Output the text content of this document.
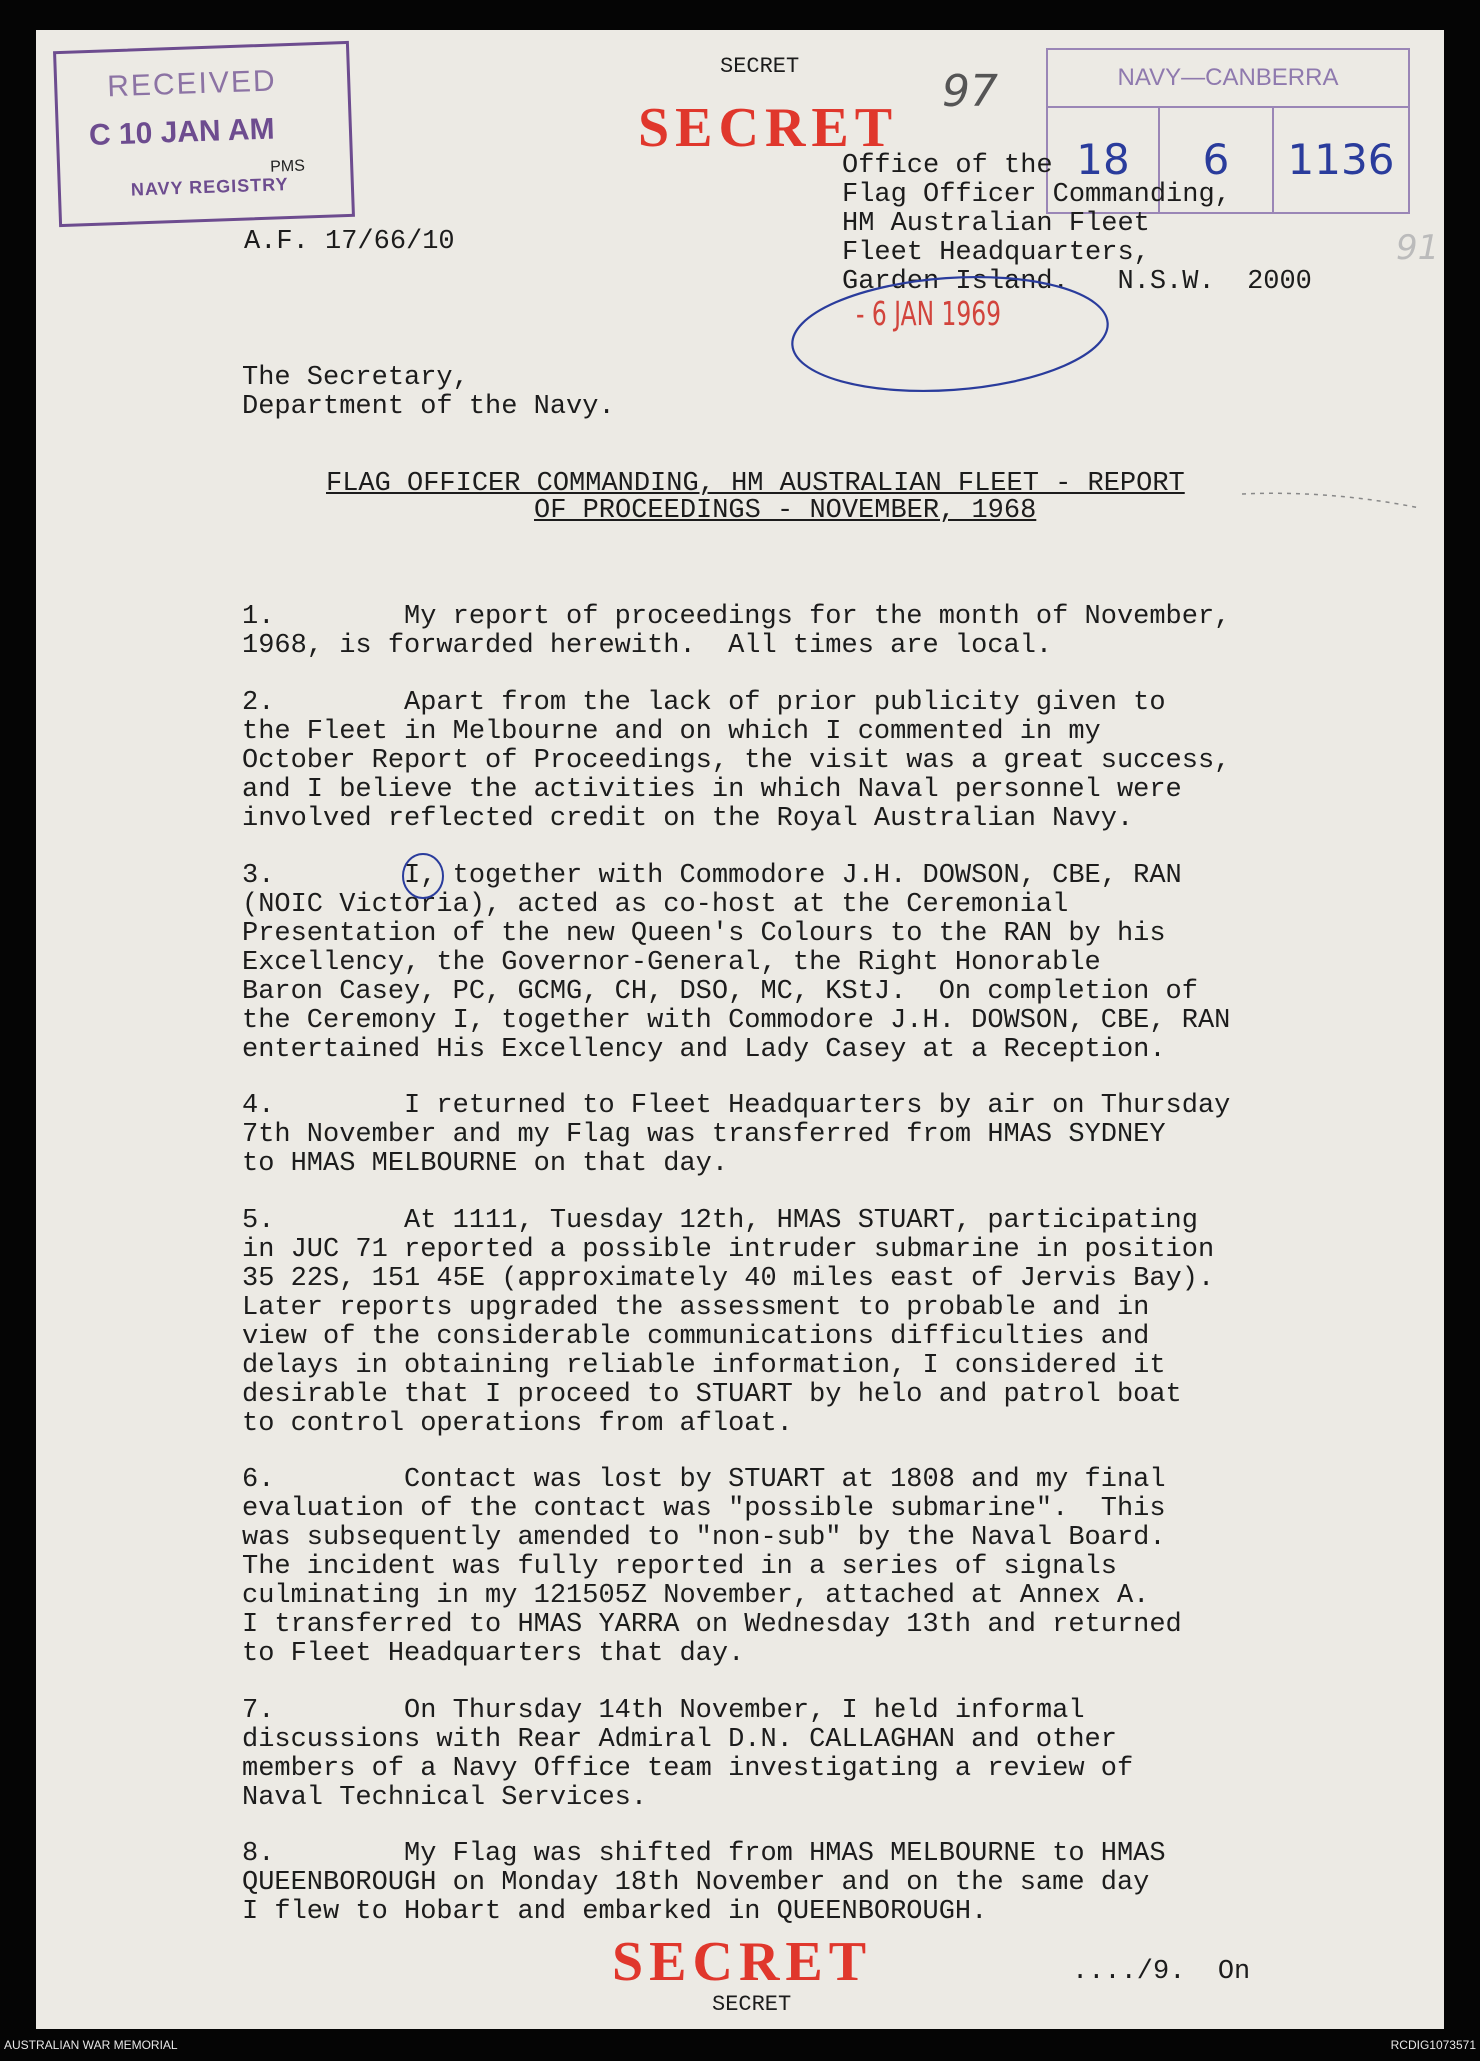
RECEIVED
C 10 JAN AM
PMS
NAVY REGISTRY
SECRET
SECRET
97
91
NAVY—CANBERRA
18	6	1136
A.F. 17/66/10
Office of the
Flag Officer Commanding,
HM Australian Fleet
Fleet Headquarters,
Garden Island.   N.S.W.  2000
- 6 JAN 1969
The Secretary,
Department of the Navy.
FLAG OFFICER COMMANDING, HM AUSTRALIAN FLEET - REPORT
OF PROCEEDINGS - NOVEMBER, 1968
1.        My report of proceedings for the month of November,
1968, is forwarded herewith.  All times are local.
2.        Apart from the lack of prior publicity given to
the Fleet in Melbourne and on which I commented in my
October Report of Proceedings, the visit was a great success,
and I believe the activities in which Naval personnel were
involved reflected credit on the Royal Australian Navy.
3.        I, together with Commodore J.H. DOWSON, CBE, RAN
(NOIC Victoria), acted as co-host at the Ceremonial
Presentation of the new Queen's Colours to the RAN by his
Excellency, the Governor-General, the Right Honorable
Baron Casey, PC, GCMG, CH, DSO, MC, KStJ.  On completion of
the Ceremony I, together with Commodore J.H. DOWSON, CBE, RAN
entertained His Excellency and Lady Casey at a Reception.
4.        I returned to Fleet Headquarters by air on Thursday
7th November and my Flag was transferred from HMAS SYDNEY
to HMAS MELBOURNE on that day.
5.        At 1111, Tuesday 12th, HMAS STUART, participating
in JUC 71 reported a possible intruder submarine in position
35 22S, 151 45E (approximately 40 miles east of Jervis Bay).
Later reports upgraded the assessment to probable and in
view of the considerable communications difficulties and
delays in obtaining reliable information, I considered it
desirable that I proceed to STUART by helo and patrol boat
to control operations from afloat.
6.        Contact was lost by STUART at 1808 and my final
evaluation of the contact was "possible submarine".  This
was subsequently amended to "non-sub" by the Naval Board.
The incident was fully reported in a series of signals
culminating in my 121505Z November, attached at Annex A.
I transferred to HMAS YARRA on Wednesday 13th and returned
to Fleet Headquarters that day.
7.        On Thursday 14th November, I held informal
discussions with Rear Admiral D.N. CALLAGHAN and other
members of a Navy Office team investigating a review of
Naval Technical Services.
8.        My Flag was shifted from HMAS MELBOURNE to HMAS
QUEENBOROUGH on Monday 18th November and on the same day
I flew to Hobart and embarked in QUEENBOROUGH.
SECRET	..../9.  On
SECRET
AUSTRALIAN WAR MEMORIAL	RCDIG1073571
